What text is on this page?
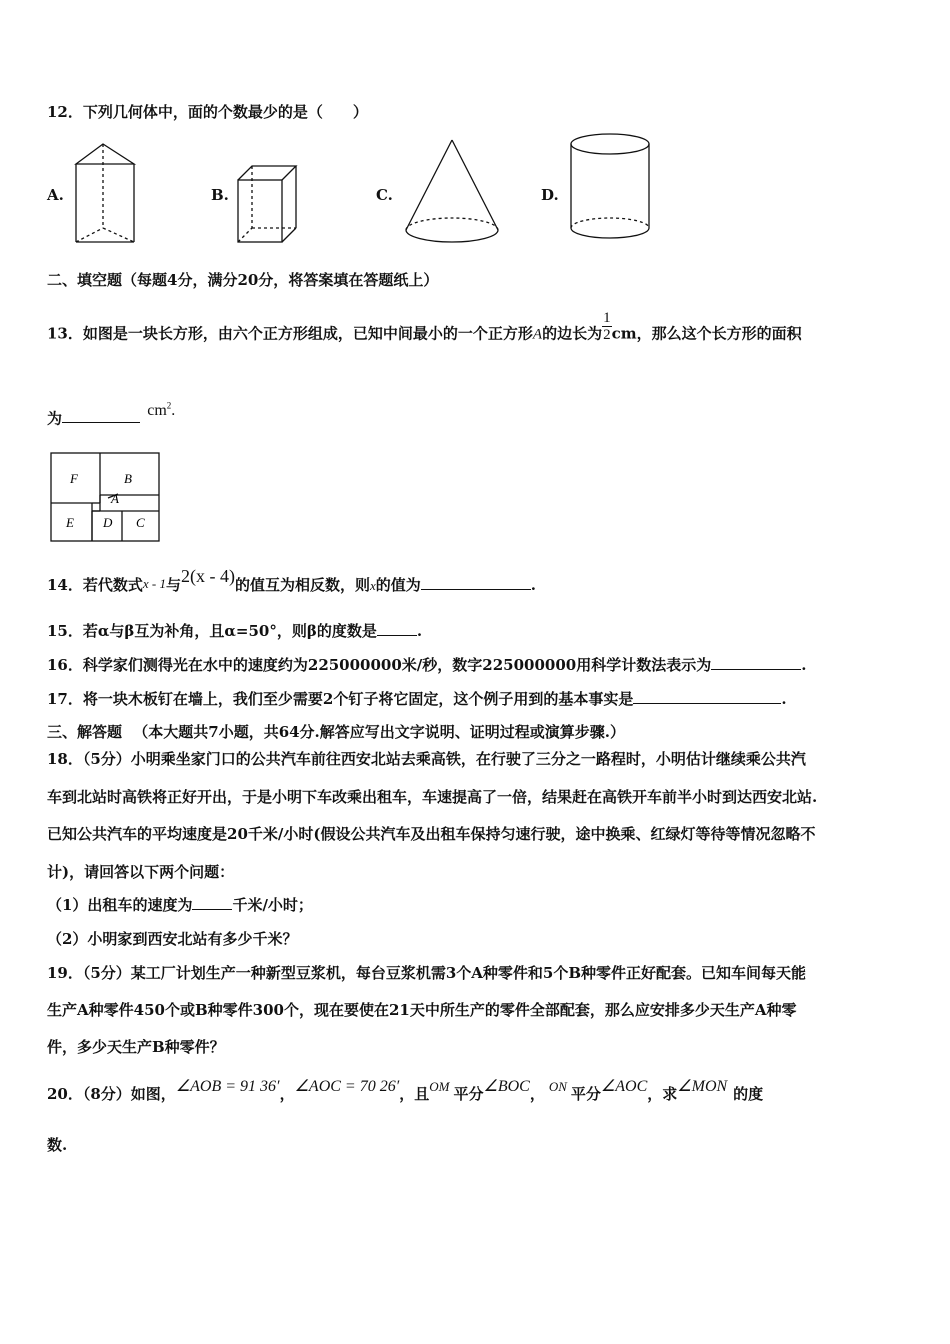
12．下列几何体中，面的个数最少的是（　　）
A.	B.	C.	D.
二、填空题（每题4分，满分20分，将答案填在答题纸上）
13．如图是一块长方形，由六个正方形组成，已知中间最小的一个正方形A的边长为 $\frac{1}{2}$ cm，那么这个长方形的面积
为	$cm^2$.
F	B
A
E D C
14．若代数式x - 1与2(x - 4)的值互为相反数，则x的值为	.
15．若α与β互为补角，且α=50°，则β的度数是	.
16．科学家们测得光在水中的速度约为225000000米/秒，数字225000000用科学计数法表示为	.
17．将一块木板钉在墙上，我们至少需要2个钉子将它固定，这个例子用到的基本事实是	.
三、解答题 （本大题共7小题，共64分.解答应写出文字说明、证明过程或演算步骤.）
18．（5分）小明乘坐家门口的公共汽车前往西安北站去乘高铁，在行驶了三分之一路程时，小明估计继续乘公共汽
车到北站时高铁将正好开出，于是小明下车改乘出租车，车速提高了一倍，结果赶在高铁开车前半小时到达西安北站.
已知公共汽车的平均速度是20千米/小时(假设公共汽车及出租车保持匀速行驶，途中换乘、红绿灯等待等情况忽略不
计)，请回答以下两个问题：
（1）出租车的速度为	千米/小时；
（2）小明家到西安北站有多少千米？
19．（5分）某工厂计划生产一种新型豆浆机，每台豆浆机需3个A种零件和5个B种零件正好配套。已知车间每天能
生产A种零件450个或B种零件300个，现在要使在21天中所生产的零件全部配套，那么应安排多少天生产A种零
件，多少天生产B种零件？
20．（8分）如图，∠AOB = 91 36′，∠AOC = 70 26′，且OM 平分∠BOC， ON 平分∠AOC，求∠MON 的度
数.
